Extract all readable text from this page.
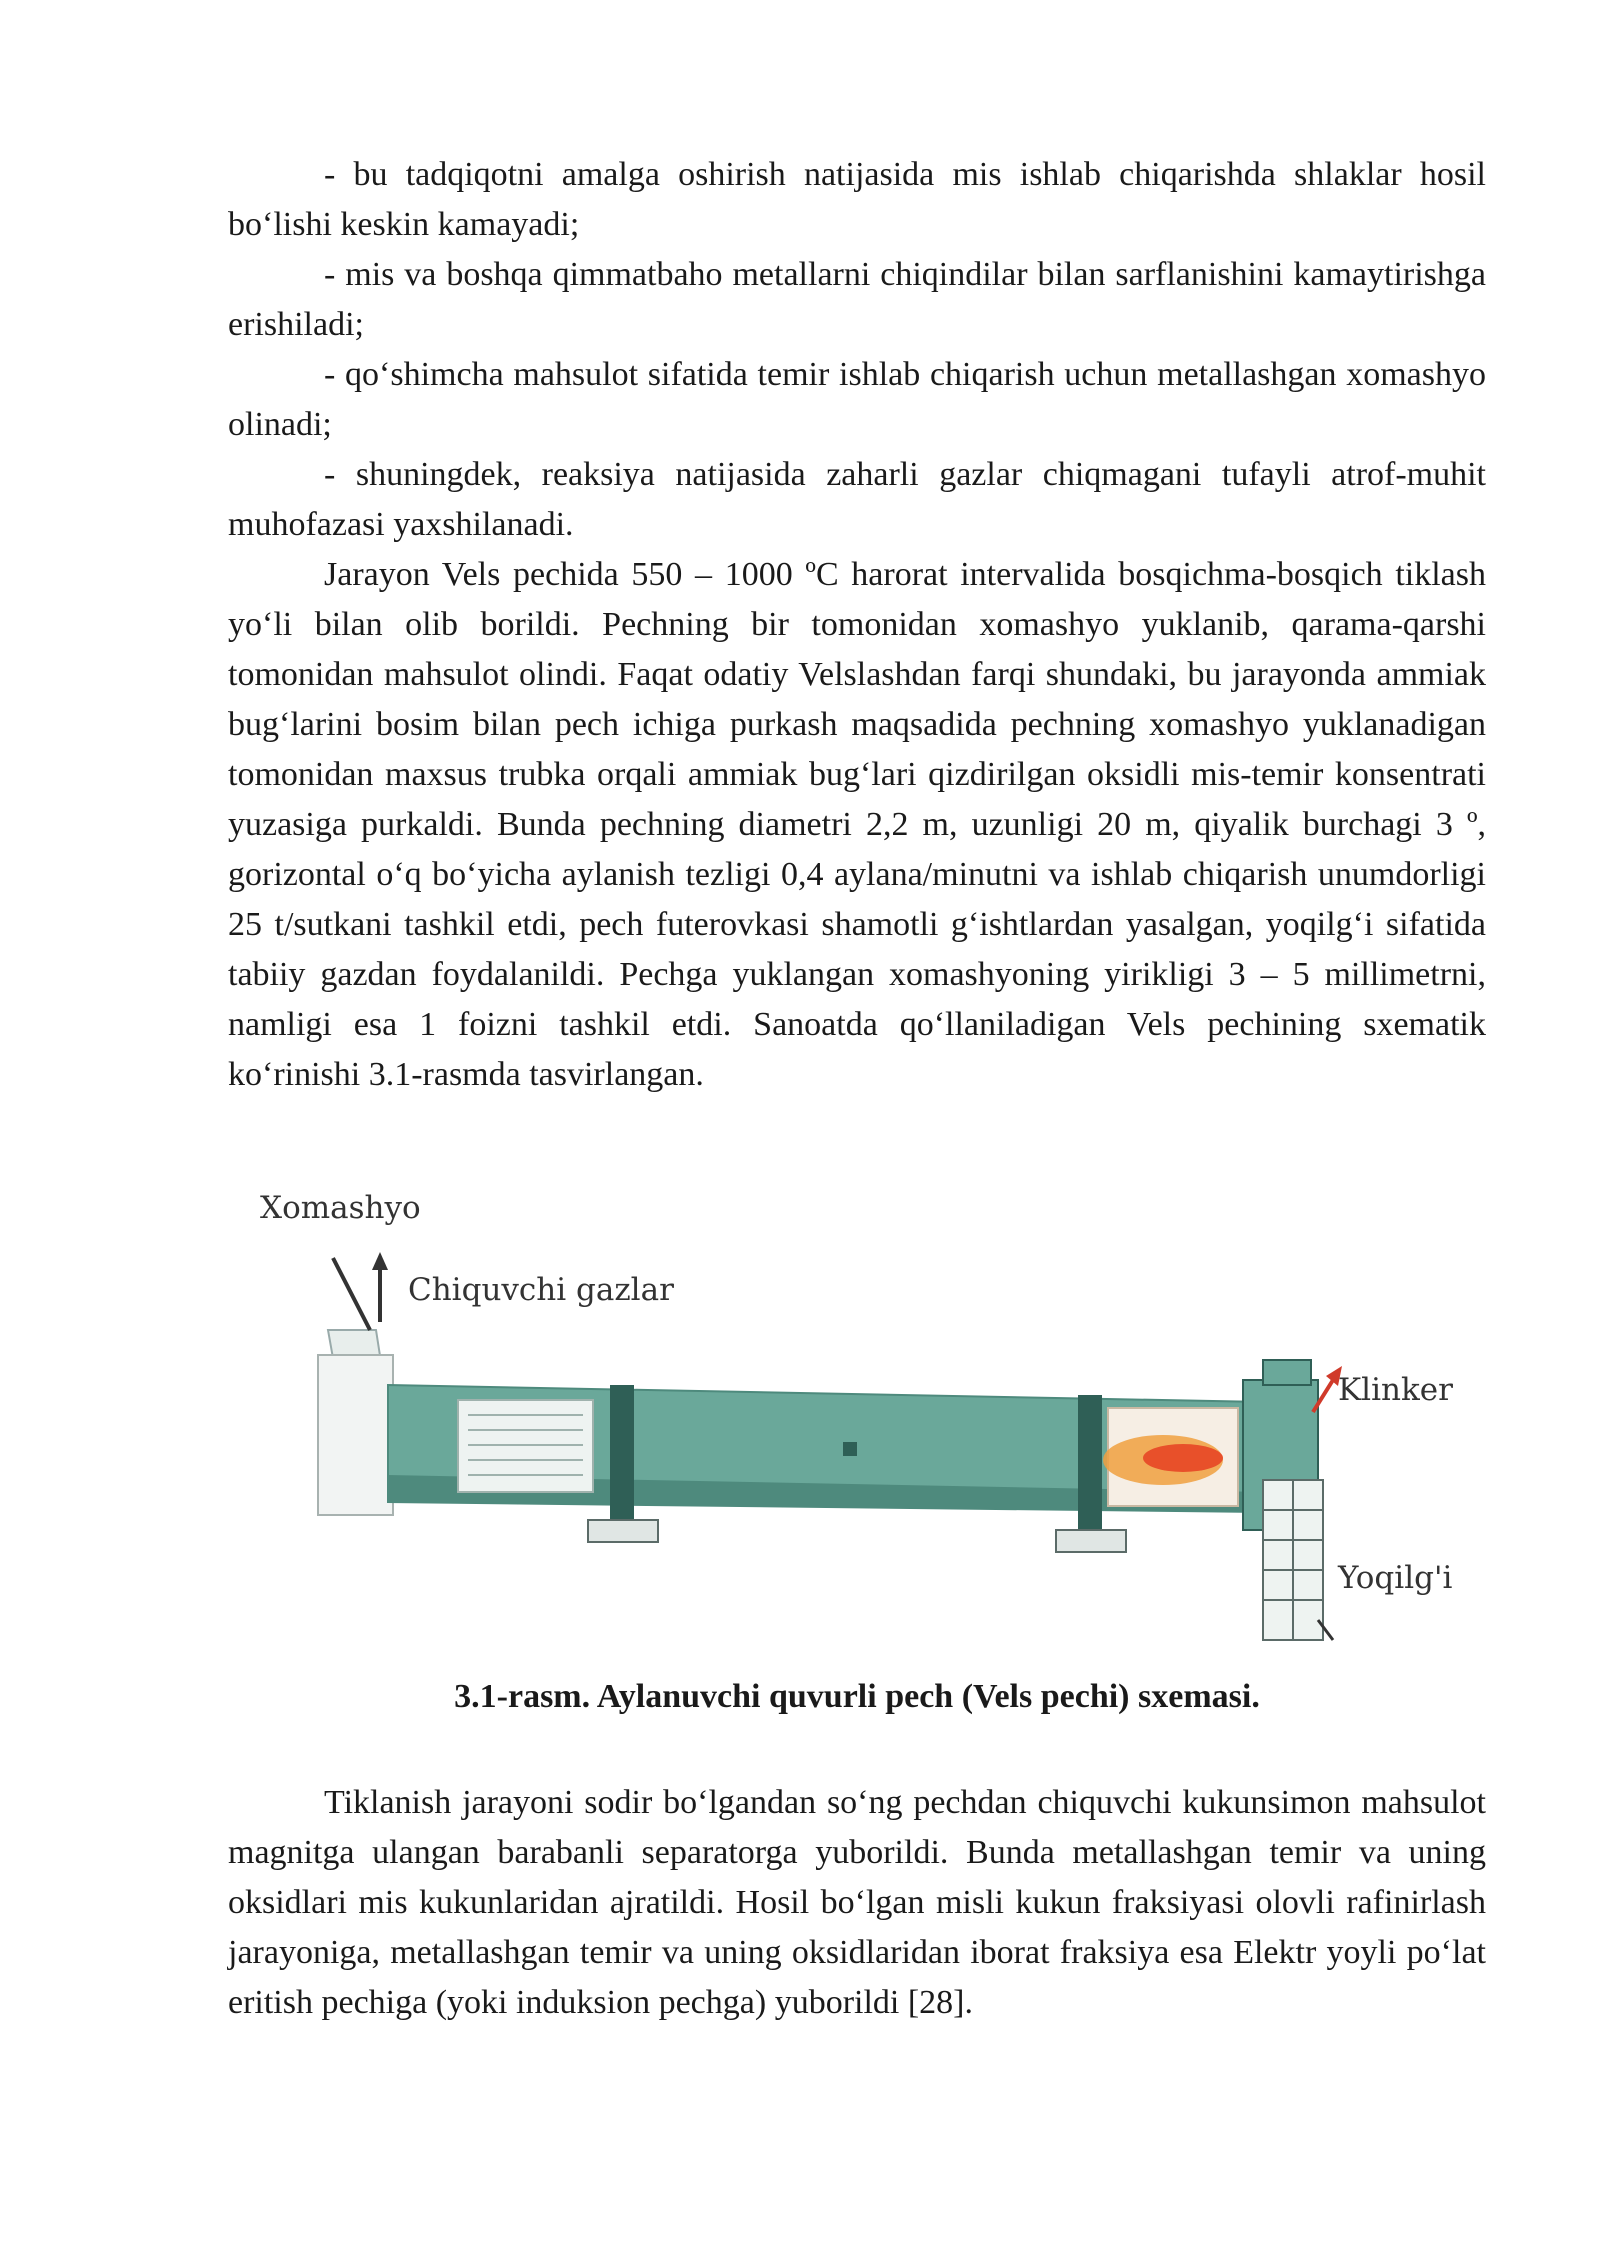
- bu tadqiqotni amalga oshirish natijasida mis ishlab chiqarishda shlaklar hosil bo‘lishi keskin kamayadi;

- mis va boshqa qimmatbaho metallarni chiqindilar bilan sarflanishini kamaytirishga erishiladi;

- qo‘shimcha mahsulot sifatida temir ishlab chiqarish uchun metallashgan xomashyo olinadi;

- shuningdek, reaksiya natijasida zaharli gazlar chiqmagani tufayli atrof-muhit muhofazasi yaxshilanadi.

Jarayon Vels pechida 550 – 1000 ºC harorat intervalida bosqichma-bosqich tiklash yo‘li bilan olib borildi. Pechning bir tomonidan xomashyo yuklanib, qarama-qarshi tomonidan mahsulot olindi. Faqat odatiy Velslashdan farqi shundaki, bu jarayonda ammiak bug‘larini bosim bilan pech ichiga purkash maqsadida pechning xomashyo yuklanadigan tomonidan maxsus trubka orqali ammiak bug‘lari qizdirilgan oksidli mis-temir konsentrati yuzasiga purkaldi. Bunda pechning diametri 2,2 m, uzunligi 20 m, qiyalik burchagi 3 º, gorizontal o‘q bo‘yicha aylanish tezligi 0,4 aylana/minutni va ishlab chiqarish unumdorligi 25 t/sutkani tashkil etdi, pech futerovkasi shamotli g‘ishtlardan yasalgan, yoqilg‘i sifatida tabiiy gazdan foydalanildi. Pechga yuklangan xomashyoning yirikligi 3 – 5 millimetrni, namligi esa 1 foizni tashkil etdi. Sanoatda qo‘llaniladigan Vels pechining sxematik ko‘rinishi 3.1-rasmda tasvirlangan.

Xomashyo
Chiquvchi gazlar
Klinker
Yoqilg'i

3.1-rasm. Aylanuvchi quvurli pech (Vels pechi) sxemasi.

Tiklanish jarayoni sodir bo‘lgandan so‘ng pechdan chiquvchi kukunsimon mahsulot magnitga ulangan barabanli separatorga yuborildi. Bunda metallashgan temir va uning oksidlari mis kukunlaridan ajratildi. Hosil bo‘lgan misli kukun fraksiyasi olovli rafinirlash jarayoniga, metallashgan temir va uning oksidlaridan iborat fraksiya esa Elektr yoyli po‘lat eritish pechiga (yoki induksion pechga) yuborildi [28].
